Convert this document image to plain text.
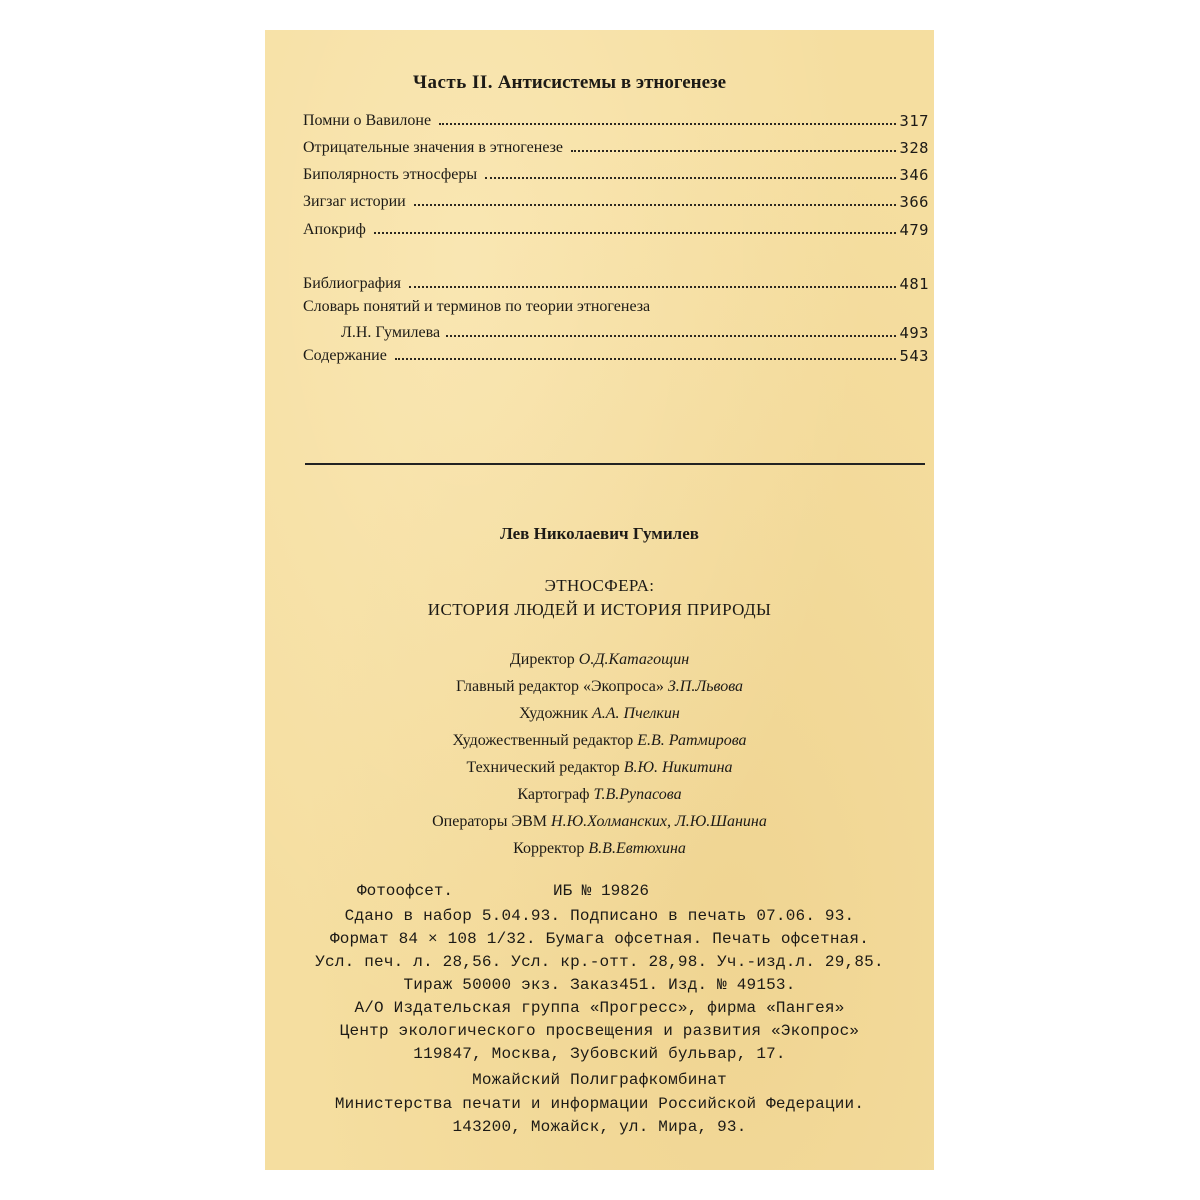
Часть II. Антисистемы в этногенезе
Помни о Вавилоне	317
Отрицательные значения в этногенезе	328
Биполярность этносферы	346
Зигзаг истории	366
Апокриф	479
Библиография	481
Словарь понятий и терминов по теории этногенеза
Л.Н. Гумилева	493
Содержание	543
Лев Николаевич Гумилев
ЭТНОСФЕРА:
ИСТОРИЯ ЛЮДЕЙ И ИСТОРИЯ ПРИРОДЫ
Директор О.Д.Катагощин
Главный редактор «Экопроса» З.П.Львова
Художник А.А. Пчелкин
Художественный редактор Е.В. Ратмирова
Технический редактор В.Ю. Никитина
Картограф Т.В.Рупасова
Операторы ЭВМ Н.Ю.Холманских, Л.Ю.Шанина
Корректор В.В.Евтюхина
Фотоофсет.	ИБ № 19826
Сдано в набор 5.04.93. Подписано в печать 07.06. 93.
Формат 84 × 108 1/32. Бумага офсетная. Печать офсетная.
Усл. печ. л. 28,56. Усл. кр.-отт. 28,98. Уч.-изд.л. 29,85.
Тираж 50000 экз. Заказ451. Изд. № 49153.
А/О Издательская группа «Прогресс», фирма «Пангея»
Центр экологического просвещения и развития «Экопрос»
119847, Москва, Зубовский бульвар, 17.
Можайский Полиграфкомбинат
Министерства печати и информации Российской Федерации.
143200, Можайск, ул. Мира, 93.
